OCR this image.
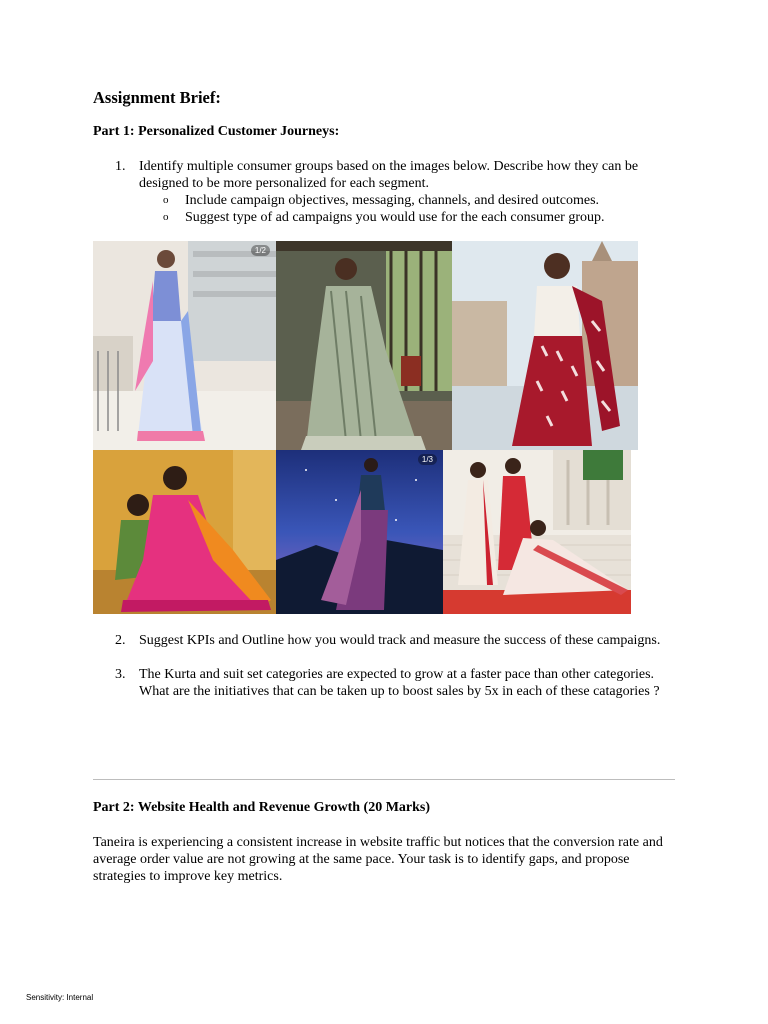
Assignment Brief:
Part 1: Personalized Customer Journeys:
1. Identify multiple consumer groups based on the images below. Describe how they can be designed to be more personalized for each segment.
o Include campaign objectives, messaging, channels, and desired outcomes.
o Suggest type of ad campaigns you would use for the each consumer group.
1/2
1/3
2. Suggest KPIs and Outline how you would track and measure the success of these campaigns.
3. The Kurta and suit set categories are expected to grow at a faster pace than other categories. What are the initiatives that can be taken up to boost sales by 5x in each of these catagories ?
Part 2: Website Health and Revenue Growth (20 Marks)
Taneira is experiencing a consistent increase in website traffic but notices that the conversion rate and average order value are not growing at the same pace. Your task is to identify gaps, and propose strategies to improve key metrics.
Sensitivity: Internal
